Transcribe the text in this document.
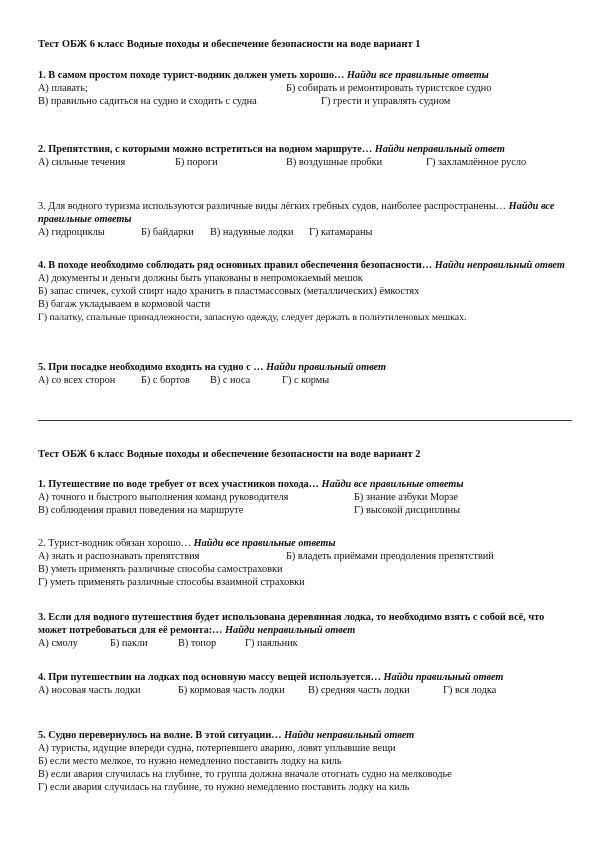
Тест ОБЖ 6 класс Водные походы и обеспечение безопасности на воде вариант 1
1. В самом простом походе турист-водник должен уметь хорошо… Найди все правильные ответы
А) плавать;	Б) собирать и ремонтировать туристское судно
В) правильно садиться на судно и сходить с судна	Г) грести и управлять судном
2. Препятствия, с которыми можно встретиться на водном маршруте… Найди неправильный ответ
А) сильные течения	Б) пороги	В) воздушные пробки	Г) захламлённое русло
3. Для водного туризма используются различные виды лёгких гребных судов, наиболее распространены… Найди все правильные ответы
А) гидроциклы	Б) байдарки В) надувные лодки Г) катамараны
4. В походе необходимо соблюдать ряд основных правил обеспечения безопасности… Найди неправильный ответ
А) документы и деньги должны быть упакованы в непромокаемый мешок
Б) запас спичек, сухой спирт надо хранить в пластмассовых (металлических) ёмкостях
В) багаж укладываем в кормовой части
Г) палатку, спальные принадлежности, запасную одежду, следует держать в полиэтиленовых мешках.
5. При посадке необходимо входить на судно с … Найди правильный ответ
А) со всех сторон Б) с бортов В) с носа	Г) с кормы
Тест ОБЖ 6 класс Водные походы и обеспечение безопасности на воде вариант 2
1. Путешествие по воде требует от всех участников похода… Найди все правильные ответы
А) точного и быстрого выполнения команд руководителя	Б) знание азбуки Морзе
В) соблюдения правил поведения на маршруте	Г) высокой дисциплины
2. Турист-водник обязан хорошо… Найди все правильные ответы
А) знать и распознавать препятствия	Б) владеть приёмами преодоления препятствий
В) уметь применять различные способы самостраховки
Г) уметь применять различные способы взаимной страховки
3. Если для водного путешествия будет использована деревянная лодка, то необходимо взять с собой всё, что может потребоваться для её ремонта:… Найди неправильный ответ
А) смолу	Б) пакли	В) топор	Г) паяльник
4. При путешествии на лодках под основную массу вещей используется… Найди правильный ответ
А) носовая часть лодки	Б) кормовая часть лодки В) средняя часть лодки	Г) вся лодка
5. Судно перевернулось на волне. В этой ситуации… Найди неправильный ответ
А) туристы, идущие впереди судна, потерпевшего аварию, ловят уплывшие вещи
Б) если место мелкое, то нужно немедленно поставить лодку на киль
В) если авария случилась на глубине, то группа должна вначале отогнать судно на мелководье
Г) если авария случилась на глубине, то нужно немедленно поставить лодку на киль
